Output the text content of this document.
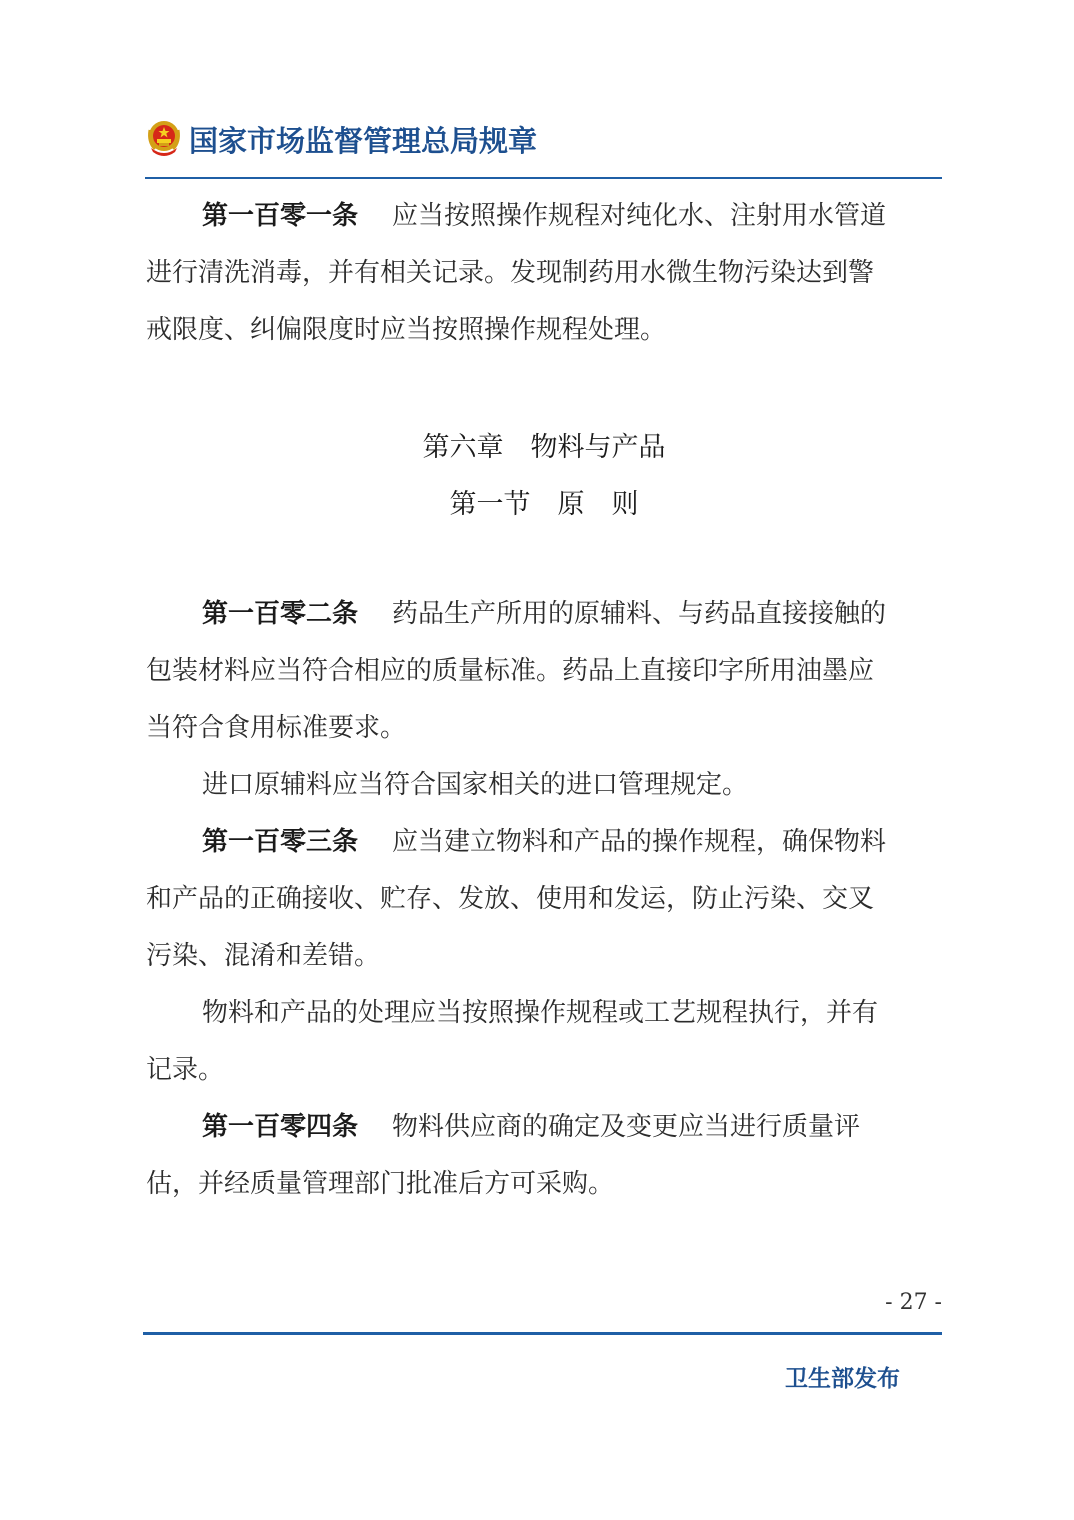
国家市场监督管理总局规章
第一百零一条 应当按照操作规程对纯化水、注射用水管道
进行清洗消毒，并有相关记录。发现制药用水微生物污染达到警
戒限度、纠偏限度时应当按照操作规程处理。
第六章　物料与产品
第一节　原　则
第一百零二条 药品生产所用的原辅料、与药品直接接触的
包装材料应当符合相应的质量标准。药品上直接印字所用油墨应
当符合食用标准要求。
进口原辅料应当符合国家相关的进口管理规定。
第一百零三条 应当建立物料和产品的操作规程，确保物料
和产品的正确接收、贮存、发放、使用和发运，防止污染、交叉
污染、混淆和差错。
物料和产品的处理应当按照操作规程或工艺规程执行，并有
记录。
第一百零四条 物料供应商的确定及变更应当进行质量评
估，并经质量管理部门批准后方可采购。
- 27 -
卫生部发布
